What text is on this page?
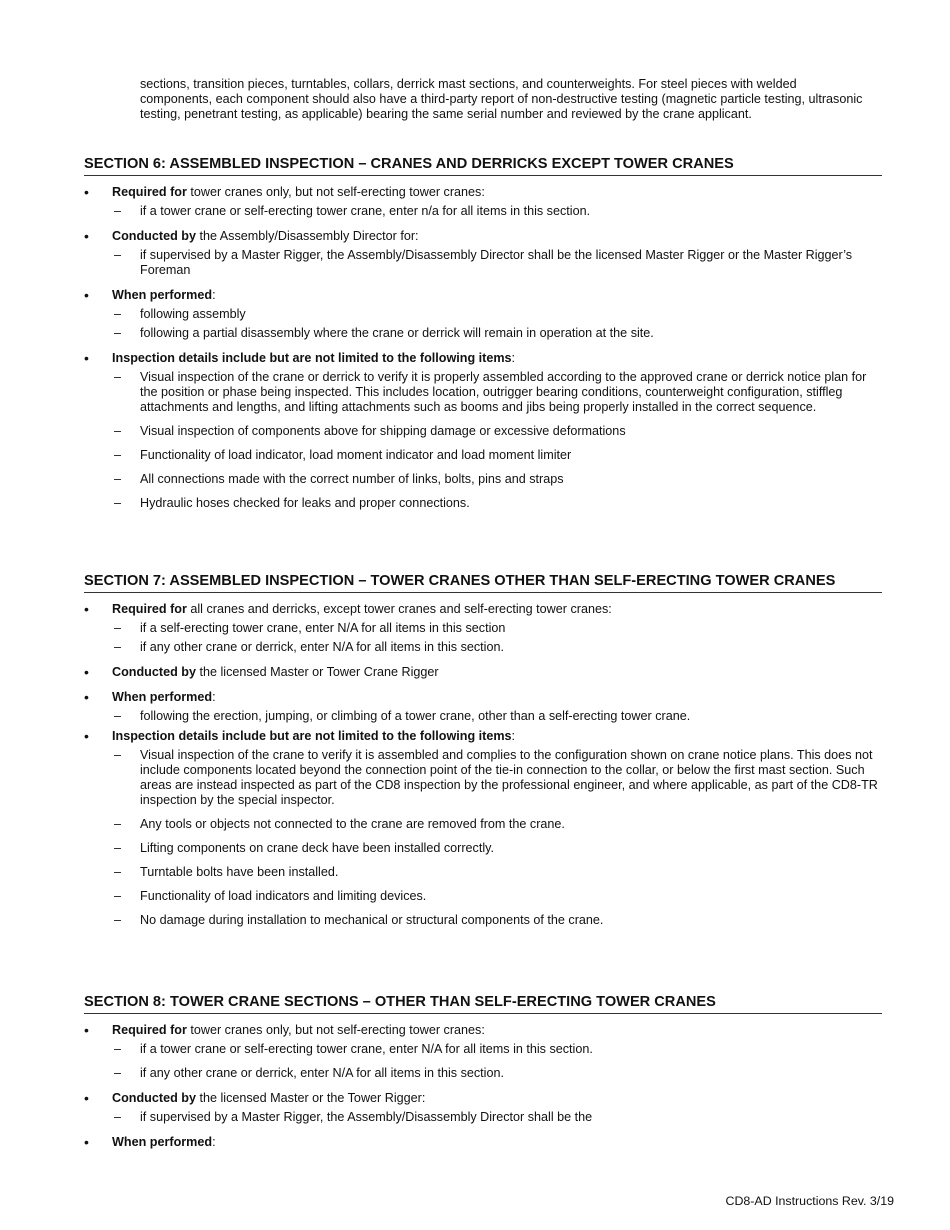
sections, transition pieces, turntables, collars, derrick mast sections, and counterweights. For steel pieces with welded components, each component should also have a third-party report of non-destructive testing (magnetic particle testing, ultrasonic testing, penetrant testing, as applicable) bearing the same serial number and reviewed by the crane applicant.

SECTION 6: ASSEMBLED INSPECTION – CRANES AND DERRICKS EXCEPT TOWER CRANES
•	Required for tower cranes only, but not self-erecting tower cranes:
– if a tower crane or self-erecting tower crane, enter n/a for all items in this section.
•	Conducted by the Assembly/Disassembly Director for:
– if supervised by a Master Rigger, the Assembly/Disassembly Director shall be the licensed Master Rigger or the Master Rigger’s Foreman
•	When performed:
– following assembly
– following a partial disassembly where the crane or derrick will remain in operation at the site.
•	Inspection details include but are not limited to the following items:
– Visual inspection of the crane or derrick to verify it is properly assembled according to the approved crane or derrick notice plan for the position or phase being inspected. This includes location, outrigger bearing conditions, counterweight configuration, stiffleg attachments and lengths, and lifting attachments such as booms and jibs being properly installed in the correct sequence.
– Visual inspection of components above for shipping damage or excessive deformations
– Functionality of load indicator, load moment indicator and load moment limiter
– All connections made with the correct number of links, bolts, pins and straps
– Hydraulic hoses checked for leaks and proper connections.
SECTION 7: ASSEMBLED INSPECTION – TOWER CRANES OTHER THAN SELF-ERECTING TOWER CRANES
•	Required for all cranes and derricks, except tower cranes and self-erecting tower cranes:
– if a self-erecting tower crane, enter N/A for all items in this section
– if any other crane or derrick, enter N/A for all items in this section.
•	Conducted by the licensed Master or Tower Crane Rigger
•	When performed:
– following the erection, jumping, or climbing of a tower crane, other than a self-erecting tower crane.
•	Inspection details include but are not limited to the following items:
– Visual inspection of the crane to verify it is assembled and complies to the configuration shown on crane notice plans. This does not include components located beyond the connection point of the tie-in connection to the collar, or below the first mast section. Such areas are instead inspected as part of the CD8 inspection by the professional engineer, and where applicable, as part of the CD8-TR inspection by the special inspector.
– Any tools or objects not connected to the crane are removed from the crane.
– Lifting components on crane deck have been installed correctly.
– Turntable bolts have been installed.
– Functionality of load indicators and limiting devices.
– No damage during installation to mechanical or structural components of the crane.
SECTION 8: TOWER CRANE SECTIONS – OTHER THAN SELF-ERECTING TOWER CRANES
•	Required for tower cranes only, but not self-erecting tower cranes:
– if a tower crane or self-erecting tower crane, enter N/A for all items in this section.
– if any other crane or derrick, enter N/A for all items in this section.
•	Conducted by the licensed Master or the Tower Rigger:
– if supervised by a Master Rigger, the Assembly/Disassembly Director shall be the
•	When performed:
CD8-AD Instructions Rev. 3/19
